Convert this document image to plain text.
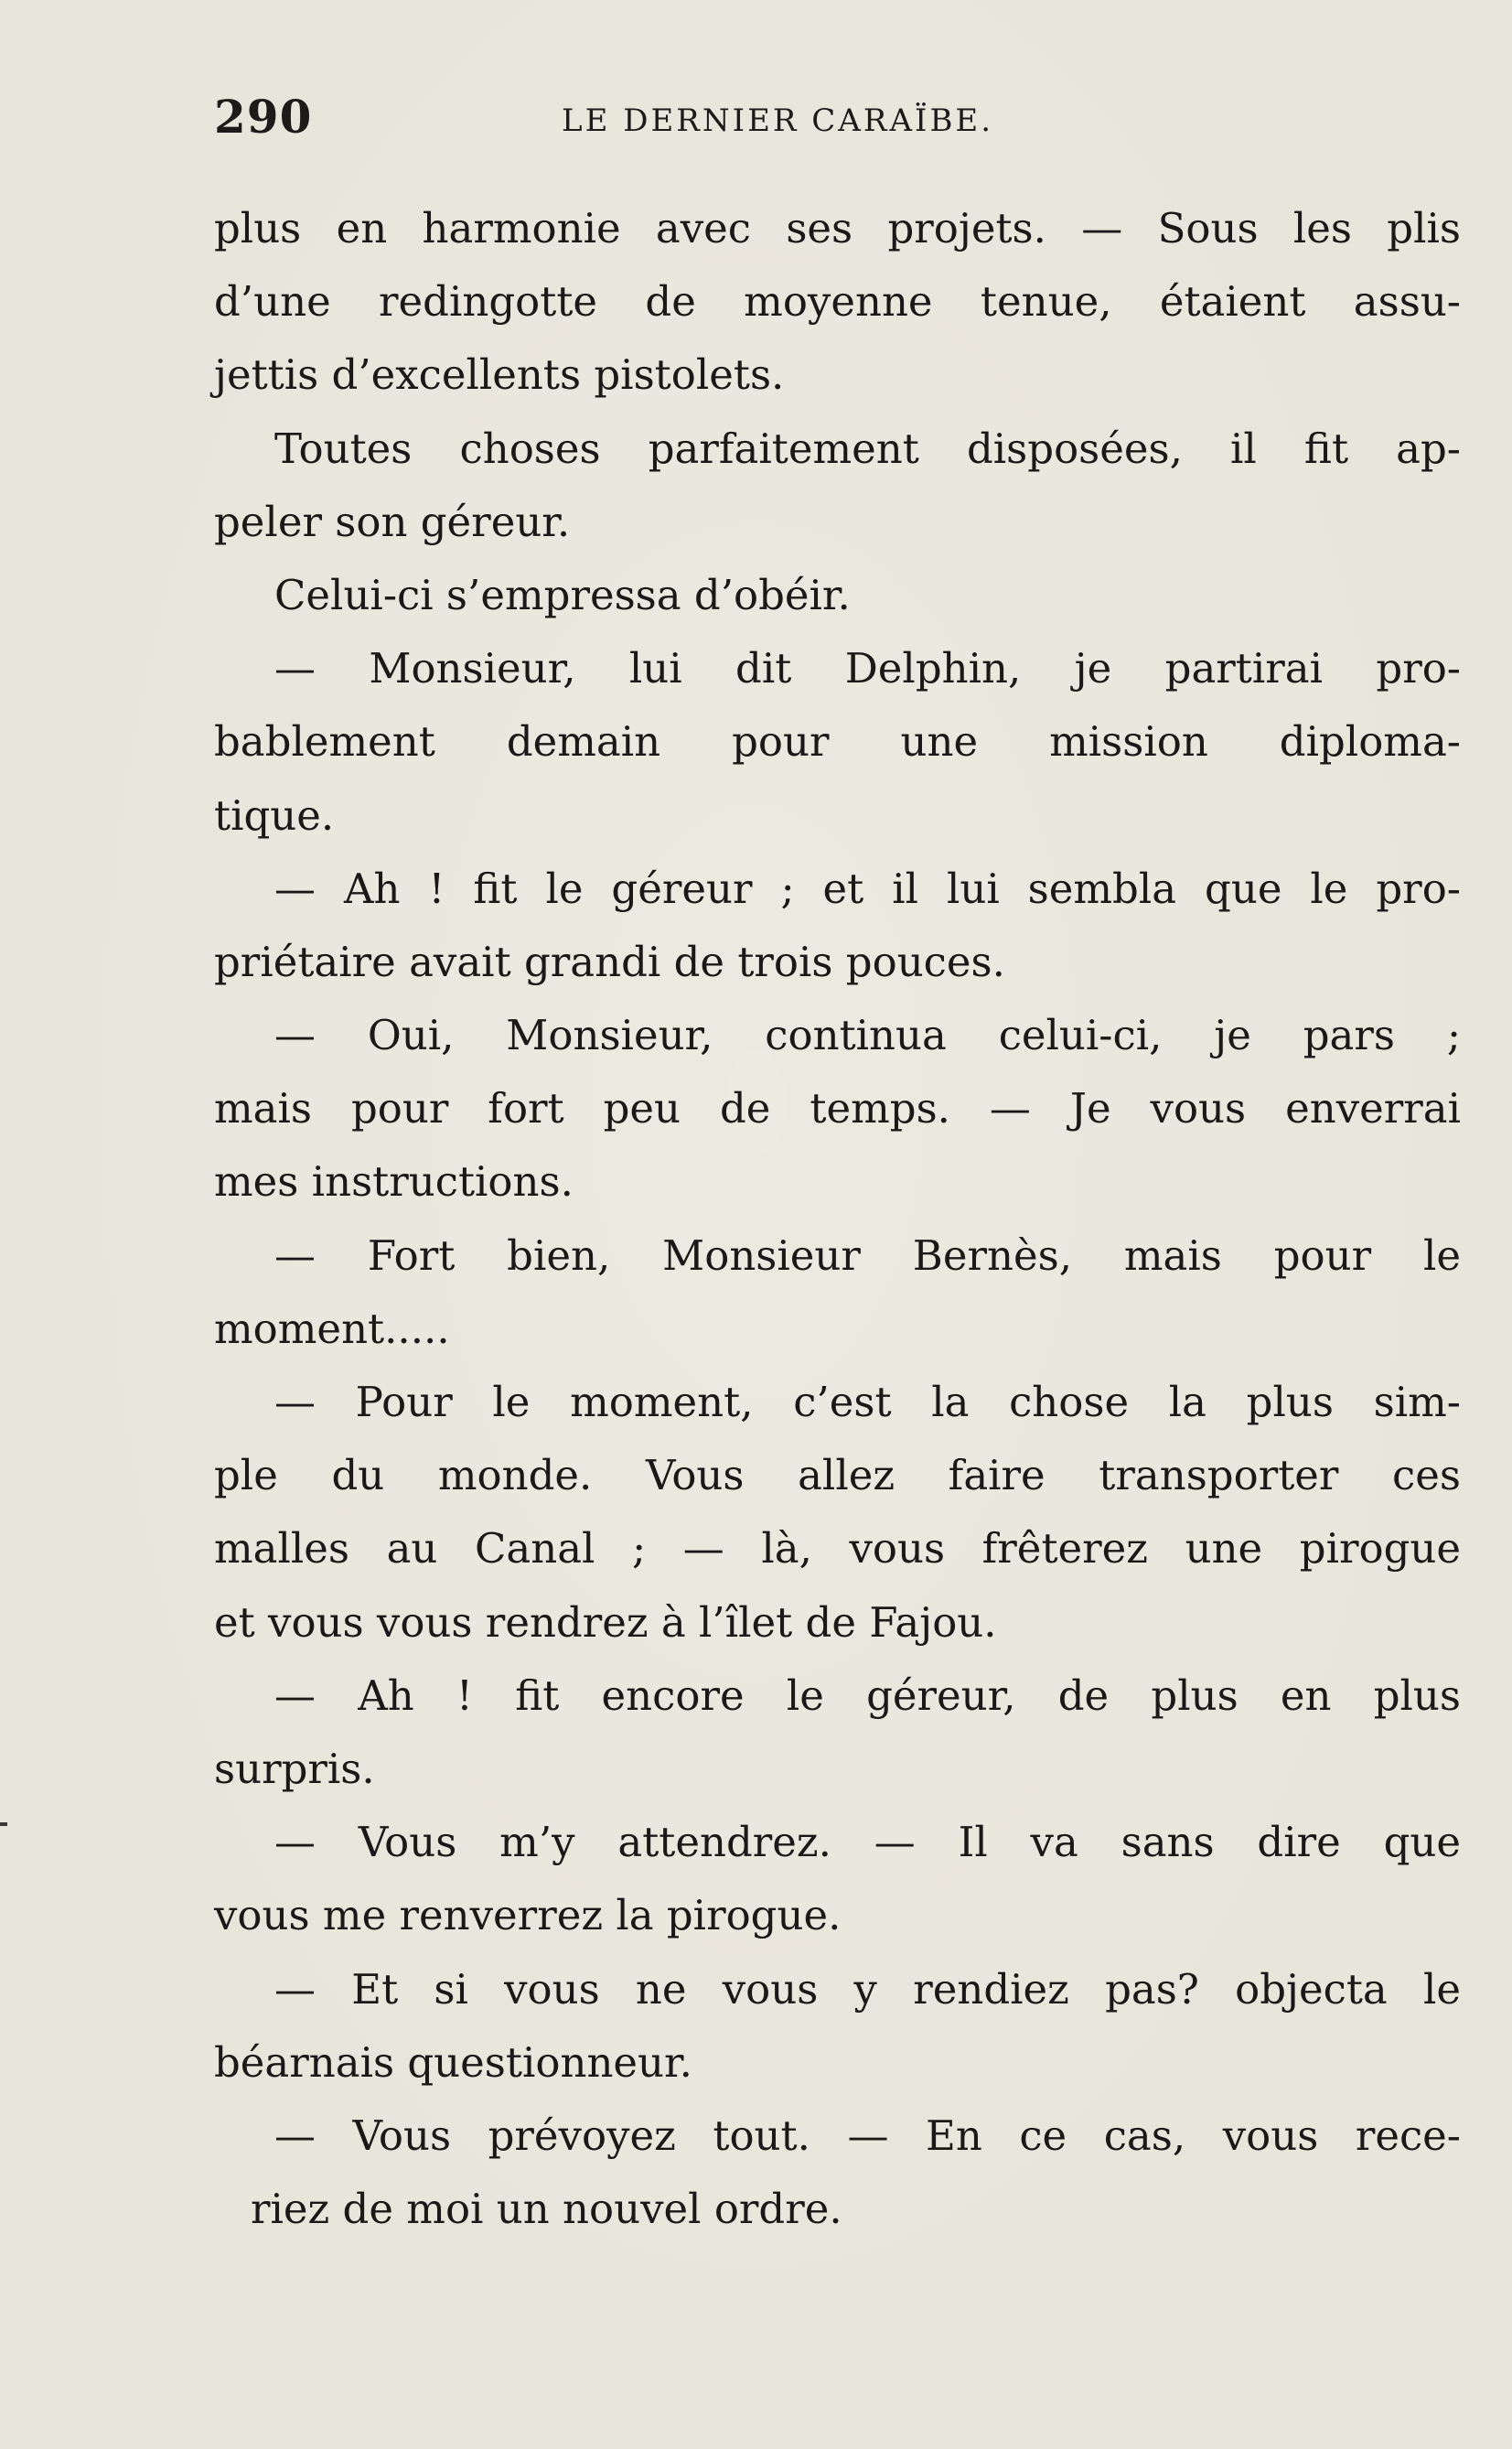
290	LE DERNIER CARAÏBE.
plus en harmonie avec ses projets. — Sous les plis
d’une redingotte de moyenne tenue, étaient assu-
jettis d’excellents pistolets.
Toutes choses parfaitement disposées, il fit ap-
peler son géreur.
Celui-ci s’empressa d’obéir.
— Monsieur, lui dit Delphin, je partirai pro-
bablement demain pour une mission diploma-
tique.
— Ah ! fit le géreur ; et il lui sembla que le pro-
priétaire avait grandi de trois pouces.
— Oui, Monsieur, continua celui-ci, je pars ;
mais pour fort peu de temps. — Je vous enverrai
mes instructions.
— Fort bien, Monsieur Bernès, mais pour le
moment.....
— Pour le moment, c’est la chose la plus sim-
ple du monde. Vous allez faire transporter ces
malles au Canal ; — là, vous frêterez une pirogue
et vous vous rendrez à l’îlet de Fajou.
— Ah ! fit encore le géreur, de plus en plus
surpris.
— Vous m’y attendrez. — Il va sans dire que
vous me renverrez la pirogue.
— Et si vous ne vous y rendiez pas? objecta le
béarnais questionneur.
— Vous prévoyez tout. — En ce cas, vous rece-
riez de moi un nouvel ordre.
